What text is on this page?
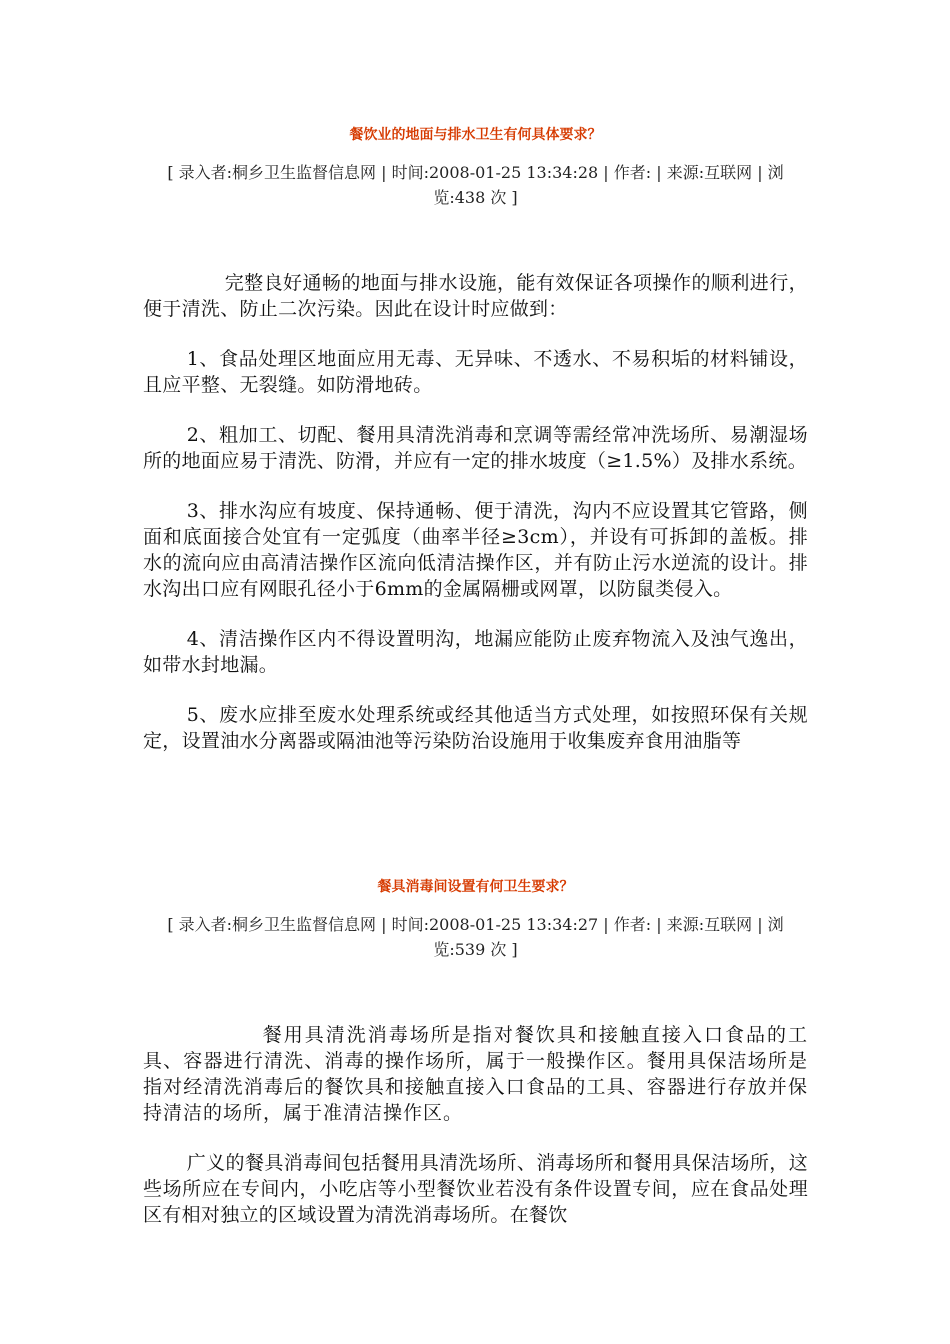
餐饮业的地面与排水卫生有何具体要求？
[ 录入者:桐乡卫生监督信息网 | 时间:2008-01-25 13:34:28 | 作者: | 来源:互联网 | 浏览:438 次 ]

完整良好通畅的地面与排水设施，能有效保证各项操作的顺利进行，便于清洗、防止二次污染。因此在设计时应做到：

1、食品处理区地面应用无毒、无异味、不透水、不易积垢的材料铺设，且应平整、无裂缝。如防滑地砖。

2、粗加工、切配、餐用具清洗消毒和烹调等需经常冲洗场所、易潮湿场所的地面应易于清洗、防滑，并应有一定的排水坡度（≥1.5%）及排水系统。

3、排水沟应有坡度、保持通畅、便于清洗，沟内不应设置其它管路，侧面和底面接合处宜有一定弧度（曲率半径≥3cm），并设有可拆卸的盖板。排水的流向应由高清洁操作区流向低清洁操作区，并有防止污水逆流的设计。排水沟出口应有网眼孔径小于6mm的金属隔栅或网罩，以防鼠类侵入。

4、清洁操作区内不得设置明沟，地漏应能防止废弃物流入及浊气逸出，如带水封地漏。

5、废水应排至废水处理系统或经其他适当方式处理，如按照环保有关规定，设置油水分离器或隔油池等污染防治设施用于收集废弃食用油脂等

餐具消毒间设置有何卫生要求？
[ 录入者:桐乡卫生监督信息网 | 时间:2008-01-25 13:34:27 | 作者: | 来源:互联网 | 浏览:539 次 ]

餐用具清洗消毒场所是指对餐饮具和接触直接入口食品的工具、容器进行清洗、消毒的操作场所，属于一般操作区。餐用具保洁场所是指对经清洗消毒后的餐饮具和接触直接入口食品的工具、容器进行存放并保持清洁的场所，属于准清洁操作区。

广义的餐具消毒间包括餐用具清洗场所、消毒场所和餐用具保洁场所，这些场所应在专间内，小吃店等小型餐饮业若没有条件设置专间，应在食品处理区有相对独立的区域设置为清洗消毒场所。在餐饮
